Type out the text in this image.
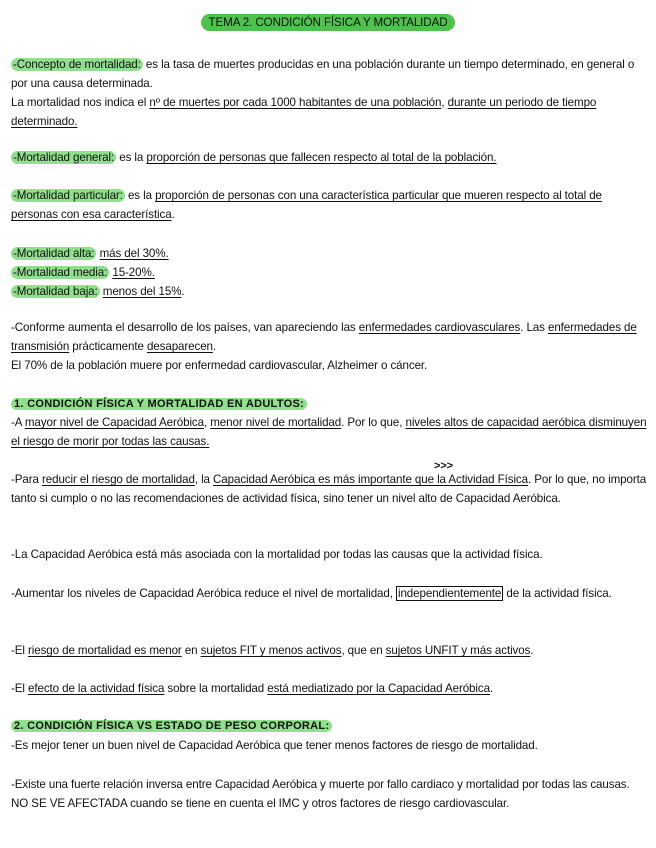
TEMA 2. CONDICIÓN FÍSICA Y MORTALIDAD
-Concepto de mortalidad: es la tasa de muertes producidas en una población durante un tiempo determinado, en general o por una causa determinada.
La mortalidad nos indica el nº de muertes por cada 1000 habitantes de una población, durante un periodo de tiempo determinado.
-Mortalidad general: es la proporción de personas que fallecen respecto al total de la población.
-Mortalidad particular: es la proporción de personas con una característica particular que mueren respecto al total de personas con esa característica.
-Mortalidad alta: más del 30%.
-Mortalidad media: 15-20%.
-Mortalidad baja: menos del 15%.
-Conforme aumenta el desarrollo de los países, van apareciendo las enfermedades cardiovasculares. Las enfermedades de transmisión prácticamente desaparecen.
El 70% de la población muere por enfermedad cardiovascular, Alzheimer o cáncer.
1. CONDICIÓN FÍSICA Y MORTALIDAD EN ADULTOS:
-A mayor nivel de Capacidad Aeróbica, menor nivel de mortalidad. Por lo que, niveles altos de capacidad aeróbica disminuyen el riesgo de morir por todas las causas.
>>>
-Para reducir el riesgo de mortalidad, la Capacidad Aeróbica es más importante que la Actividad Física. Por lo que, no importa tanto si cumplo o no las recomendaciones de actividad física, sino tener un nivel alto de Capacidad Aeróbica.
-La Capacidad Aeróbica está más asociada con la mortalidad por todas las causas que la actividad física.
-Aumentar los niveles de Capacidad Aeróbica reduce el nivel de mortalidad, independientemente de la actividad física.
-El riesgo de mortalidad es menor en sujetos FIT y menos activos, que en sujetos UNFIT y más activos.
-El efecto de la actividad física sobre la mortalidad está mediatizado por la Capacidad Aeróbica.
2. CONDICIÓN FÍSICA VS ESTADO DE PESO CORPORAL:
-Es mejor tener un buen nivel de Capacidad Aeróbica que tener menos factores de riesgo de mortalidad.
-Existe una fuerte relación inversa entre Capacidad Aeróbica y muerte por fallo cardiaco y mortalidad por todas las causas. NO SE VE AFECTADA cuando se tiene en cuenta el IMC y otros factores de riesgo cardiovascular.
